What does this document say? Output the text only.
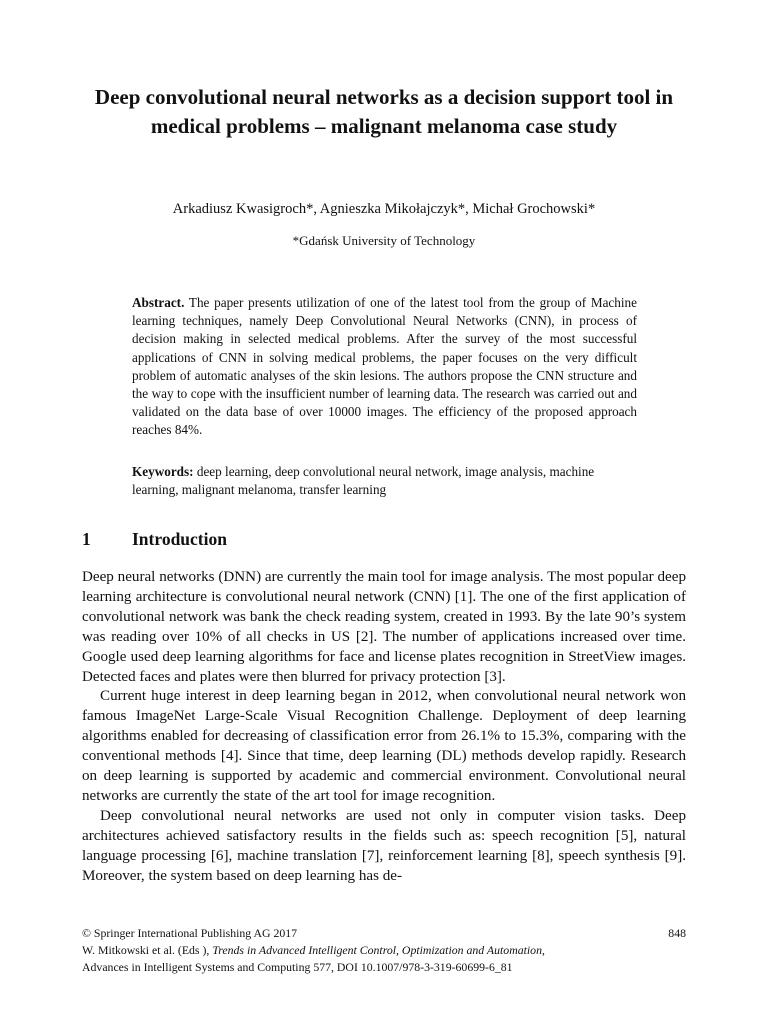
Deep convolutional neural networks as a decision support tool in medical problems – malignant melanoma case study
Arkadiusz Kwasigroch*, Agnieszka Mikołajczyk*, Michał Grochowski*
*Gdańsk University of Technology

Abstract. The paper presents utilization of one of the latest tool from the group of Machine learning techniques, namely Deep Convolutional Neural Networks (CNN), in process of decision making in selected medical problems. After the survey of the most successful applications of CNN in solving medical problems, the paper focuses on the very difficult problem of automatic analyses of the skin lesions. The authors propose the CNN structure and the way to cope with the insufficient number of learning data. The research was carried out and validated on the data base of over 10000 images. The efficiency of the proposed approach reaches 84%.

Keywords: deep learning, deep convolutional neural network, image analysis, machine learning, malignant melanoma, transfer learning

1 Introduction

Deep neural networks (DNN) are currently the main tool for image analysis. The most popular deep learning architecture is convolutional neural network (CNN) [1]. The one of the first application of convolutional network was bank the check reading system, created in 1993. By the late 90’s system was reading over 10% of all checks in US [2]. The number of applications increased over time. Google used deep learning algorithms for face and license plates recognition in StreetView images. Detected faces and plates were then blurred for privacy protection [3].

Current huge interest in deep learning began in 2012, when convolutional neural network won famous ImageNet Large-Scale Visual Recognition Challenge. Deployment of deep learning algorithms enabled for decreasing of classification error from 26.1% to 15.3%, comparing with the conventional methods [4]. Since that time, deep learning (DL) methods develop rapidly. Research on deep learning is supported by academic and commercial environment. Convolutional neural networks are currently the state of the art tool for image recognition.

Deep convolutional neural networks are used not only in computer vision tasks. Deep architectures achieved satisfactory results in the fields such as: speech recognition [5], natural language processing [6], machine translation [7], reinforcement learning [8], speech synthesis [9]. Moreover, the system based on deep learning has de-

© Springer International Publishing AG 2017	848
W. Mitkowski et al. (Eds ), Trends in Advanced Intelligent Control, Optimization and Automation,
Advances in Intelligent Systems and Computing 577, DOI 10.1007/978-3-319-60699-6_81
